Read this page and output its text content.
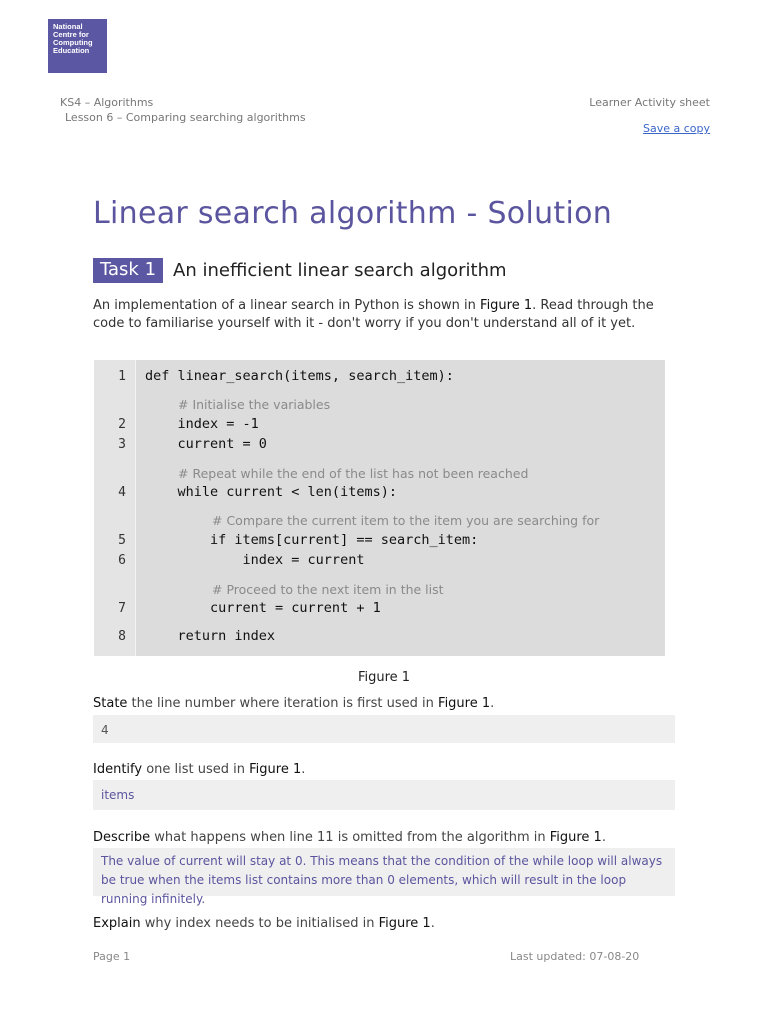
National Centre for Computing Education
KS4 – Algorithms
Lesson 6 – Comparing searching algorithms
Learner Activity sheet
Save a copy
Linear search algorithm - Solution
Task 1 An inefficient linear search algorithm
An implementation of a linear search in Python is shown in Figure 1. Read through the code to familiarise yourself with it - don't worry if you don't understand all of it yet.
1 def linear_search(items, search_item):
# Initialise the variables
2 index = -1
3 current = 0
# Repeat while the end of the list has not been reached
4 while current < len(items):
# Compare the current item to the item you are searching for
5 if items[current] == search_item:
6 index = current
# Proceed to the next item in the list
7 current = current + 1
8 return index
Figure 1
State the line number where iteration is first used in Figure 1.
4
Identify one list used in Figure 1.
items
Describe what happens when line 11 is omitted from the algorithm in Figure 1.
The value of current will stay at 0. This means that the condition of the while loop will always be true when the items list contains more than 0 elements, which will result in the loop running infinitely.
Explain why index needs to be initialised in Figure 1.
Page 1	Last updated: 07-08-20
